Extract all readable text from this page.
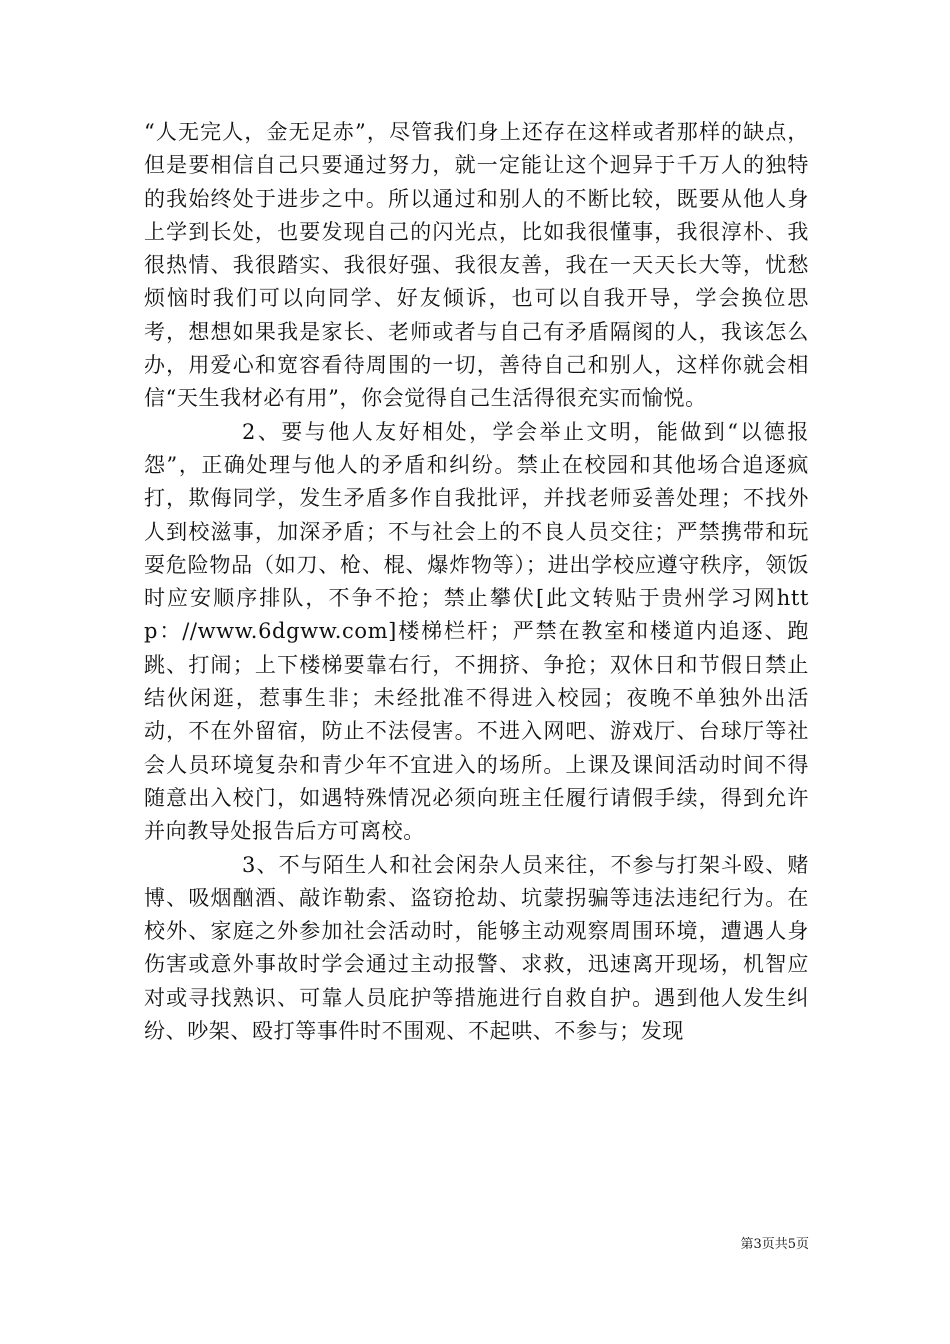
“人无完人，金无足赤”，尽管我们身上还存在这样或者那样的缺点，但是要相信自己只要通过努力，就一定能让这个迥异于千万人的独特的我始终处于进步之中。所以通过和别人的不断比较，既要从他人身上学到长处，也要发现自己的闪光点，比如我很懂事，我很淳朴、我很热情、我很踏实、我很好强、我很友善，我在一天天长大等，忧愁烦恼时我们可以向同学、好友倾诉，也可以自我开导，学会换位思考，想想如果我是家长、老师或者与自己有矛盾隔阂的人，我该怎么办，用爱心和宽容看待周围的一切，善待自己和别人，这样你就会相信“天生我材必有用”，你会觉得自己生活得很充实而愉悦。

2、要与他人友好相处，学会举止文明，能做到“以德报怨”，正确处理与他人的矛盾和纠纷。禁止在校园和其他场合追逐疯打，欺侮同学，发生矛盾多作自我批评，并找老师妥善处理；不找外人到校滋事，加深矛盾；不与社会上的不良人员交往；严禁携带和玩耍危险物品（如刀、枪、棍、爆炸物等）；进出学校应遵守秩序，领饭时应安顺序排队，不争不抢；禁止攀伏[此文转贴于贵州学习网http：//www.6dgww.com]楼梯栏杆；严禁在教室和楼道内追逐、跑跳、打闹；上下楼梯要靠右行，不拥挤、争抢；双休日和节假日禁止结伙闲逛，惹事生非；未经批准不得进入校园；夜晚不单独外出活动，不在外留宿，防止不法侵害。不进入网吧、游戏厅、台球厅等社会人员环境复杂和青少年不宜进入的场所。上课及课间活动时间不得随意出入校门，如遇特殊情况必须向班主任履行请假手续，得到允许并向教导处报告后方可离校。

3、不与陌生人和社会闲杂人员来往，不参与打架斗殴、赌博、吸烟酗酒、敲诈勒索、盗窃抢劫、坑蒙拐骗等违法违纪行为。在校外、家庭之外参加社会活动时，能够主动观察周围环境，遭遇人身伤害或意外事故时学会通过主动报警、求救，迅速离开现场，机智应对或寻找熟识、可靠人员庇护等措施进行自救自护。遇到他人发生纠纷、吵架、殴打等事件时不围观、不起哄、不参与；发现

第3页共5页
